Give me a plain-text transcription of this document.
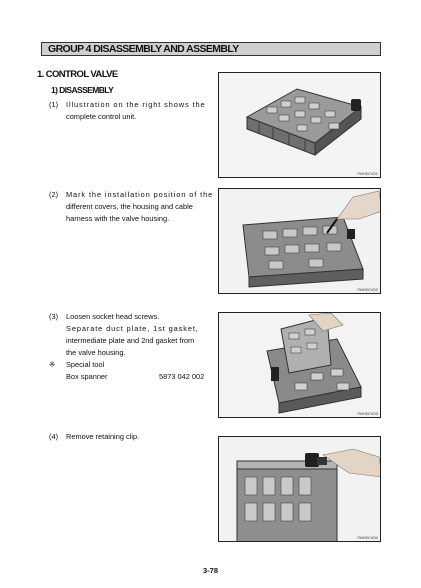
GROUP 4 DISASSEMBLY AND ASSEMBLY
1. CONTROL VALVE
1) DISASSEMBLY
(1)	Illustration on the right shows the
complete control unit.
(2)	Mark the installation position of the
different covers, the housing and cable
harness with the valve housing.
(3)	Loosen socket head screws.
Separate duct plate, 1st gasket,
intermediate plate and 2nd gasket from
the valve housing.
※ Special tool
Box spanner	5873 042 002
(4)	Remove retaining clip.
7WH2CV01
7WH2CV02
7WH2CV03
7WH2CV04
3-78
